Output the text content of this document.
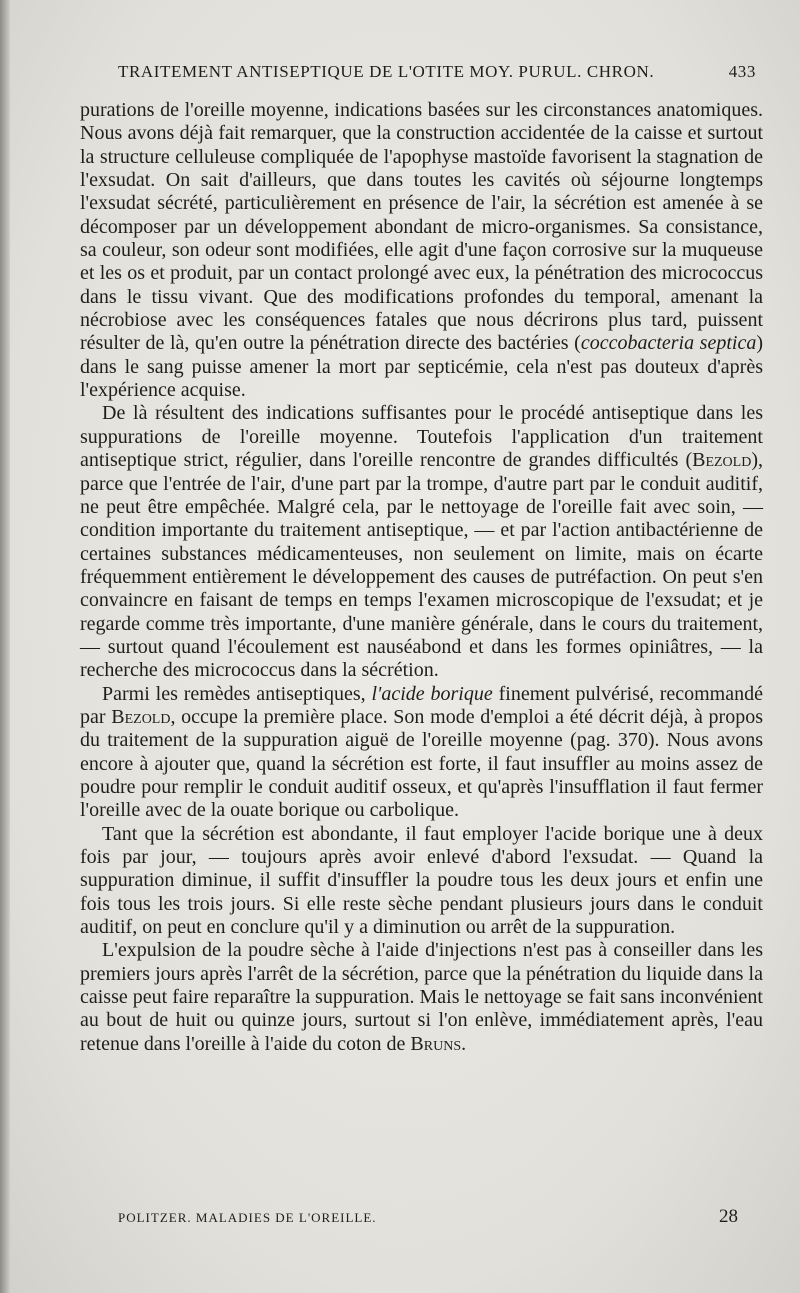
TRAITEMENT ANTISEPTIQUE DE L'OTITE MOY. PURUL. CHRON.	433

purations de l'oreille moyenne, indications basées sur les circonstances anatomiques. Nous avons déjà fait remarquer, que la construction accidentée de la caisse et surtout la structure celluleuse compliquée de l'apophyse mastoïde favorisent la stagnation de l'exsudat. On sait d'ailleurs, que dans toutes les cavités où séjourne longtemps l'exsudat sécrété, particulièrement en présence de l'air, la sécrétion est amenée à se décomposer par un développement abondant de micro-organismes. Sa consistance, sa couleur, son odeur sont modifiées, elle agit d'une façon corrosive sur la muqueuse et les os et produit, par un contact prolongé avec eux, la pénétration des micrococcus dans le tissu vivant. Que des modifications profondes du temporal, amenant la nécrobiose avec les conséquences fatales que nous décrirons plus tard, puissent résulter de là, qu'en outre la pénétration directe des bactéries (coccobacteria septica) dans le sang puisse amener la mort par septicémie, cela n'est pas douteux d'après l'expérience acquise.

De là résultent des indications suffisantes pour le procédé antiseptique dans les suppurations de l'oreille moyenne. Toutefois l'application d'un traitement antiseptique strict, régulier, dans l'oreille rencontre de grandes difficultés (Bezold), parce que l'entrée de l'air, d'une part par la trompe, d'autre part par le conduit auditif, ne peut être empêchée. Malgré cela, par le nettoyage de l'oreille fait avec soin, — condition importante du traitement antiseptique, — et par l'action antibactérienne de certaines substances médicamenteuses, non seulement on limite, mais on écarte fréquemment entièrement le développement des causes de putréfaction. On peut s'en convaincre en faisant de temps en temps l'examen microscopique de l'exsudat; et je regarde comme très importante, d'une manière générale, dans le cours du traitement, — surtout quand l'écoulement est nauséabond et dans les formes opiniâtres, — la recherche des micrococcus dans la sécrétion.

Parmi les remèdes antiseptiques, l'acide borique finement pulvérisé, recommandé par Bezold, occupe la première place. Son mode d'emploi a été décrit déjà, à propos du traitement de la suppuration aiguë de l'oreille moyenne (pag. 370). Nous avons encore à ajouter que, quand la sécrétion est forte, il faut insuffler au moins assez de poudre pour remplir le conduit auditif osseux, et qu'après l'insufflation il faut fermer l'oreille avec de la ouate borique ou carbolique.

Tant que la sécrétion est abondante, il faut employer l'acide borique une à deux fois par jour, — toujours après avoir enlevé d'abord l'exsudat. — Quand la suppuration diminue, il suffit d'insuffler la poudre tous les deux jours et enfin une fois tous les trois jours. Si elle reste sèche pendant plusieurs jours dans le conduit auditif, on peut en conclure qu'il y a diminution ou arrêt de la suppuration.

L'expulsion de la poudre sèche à l'aide d'injections n'est pas à conseiller dans les premiers jours après l'arrêt de la sécrétion, parce que la pénétration du liquide dans la caisse peut faire reparaître la suppuration. Mais le nettoyage se fait sans inconvénient au bout de huit ou quinze jours, surtout si l'on enlève, immédiatement après, l'eau retenue dans l'oreille à l'aide du coton de Bruns.

POLITZER. MALADIES DE L'OREILLE.	28
